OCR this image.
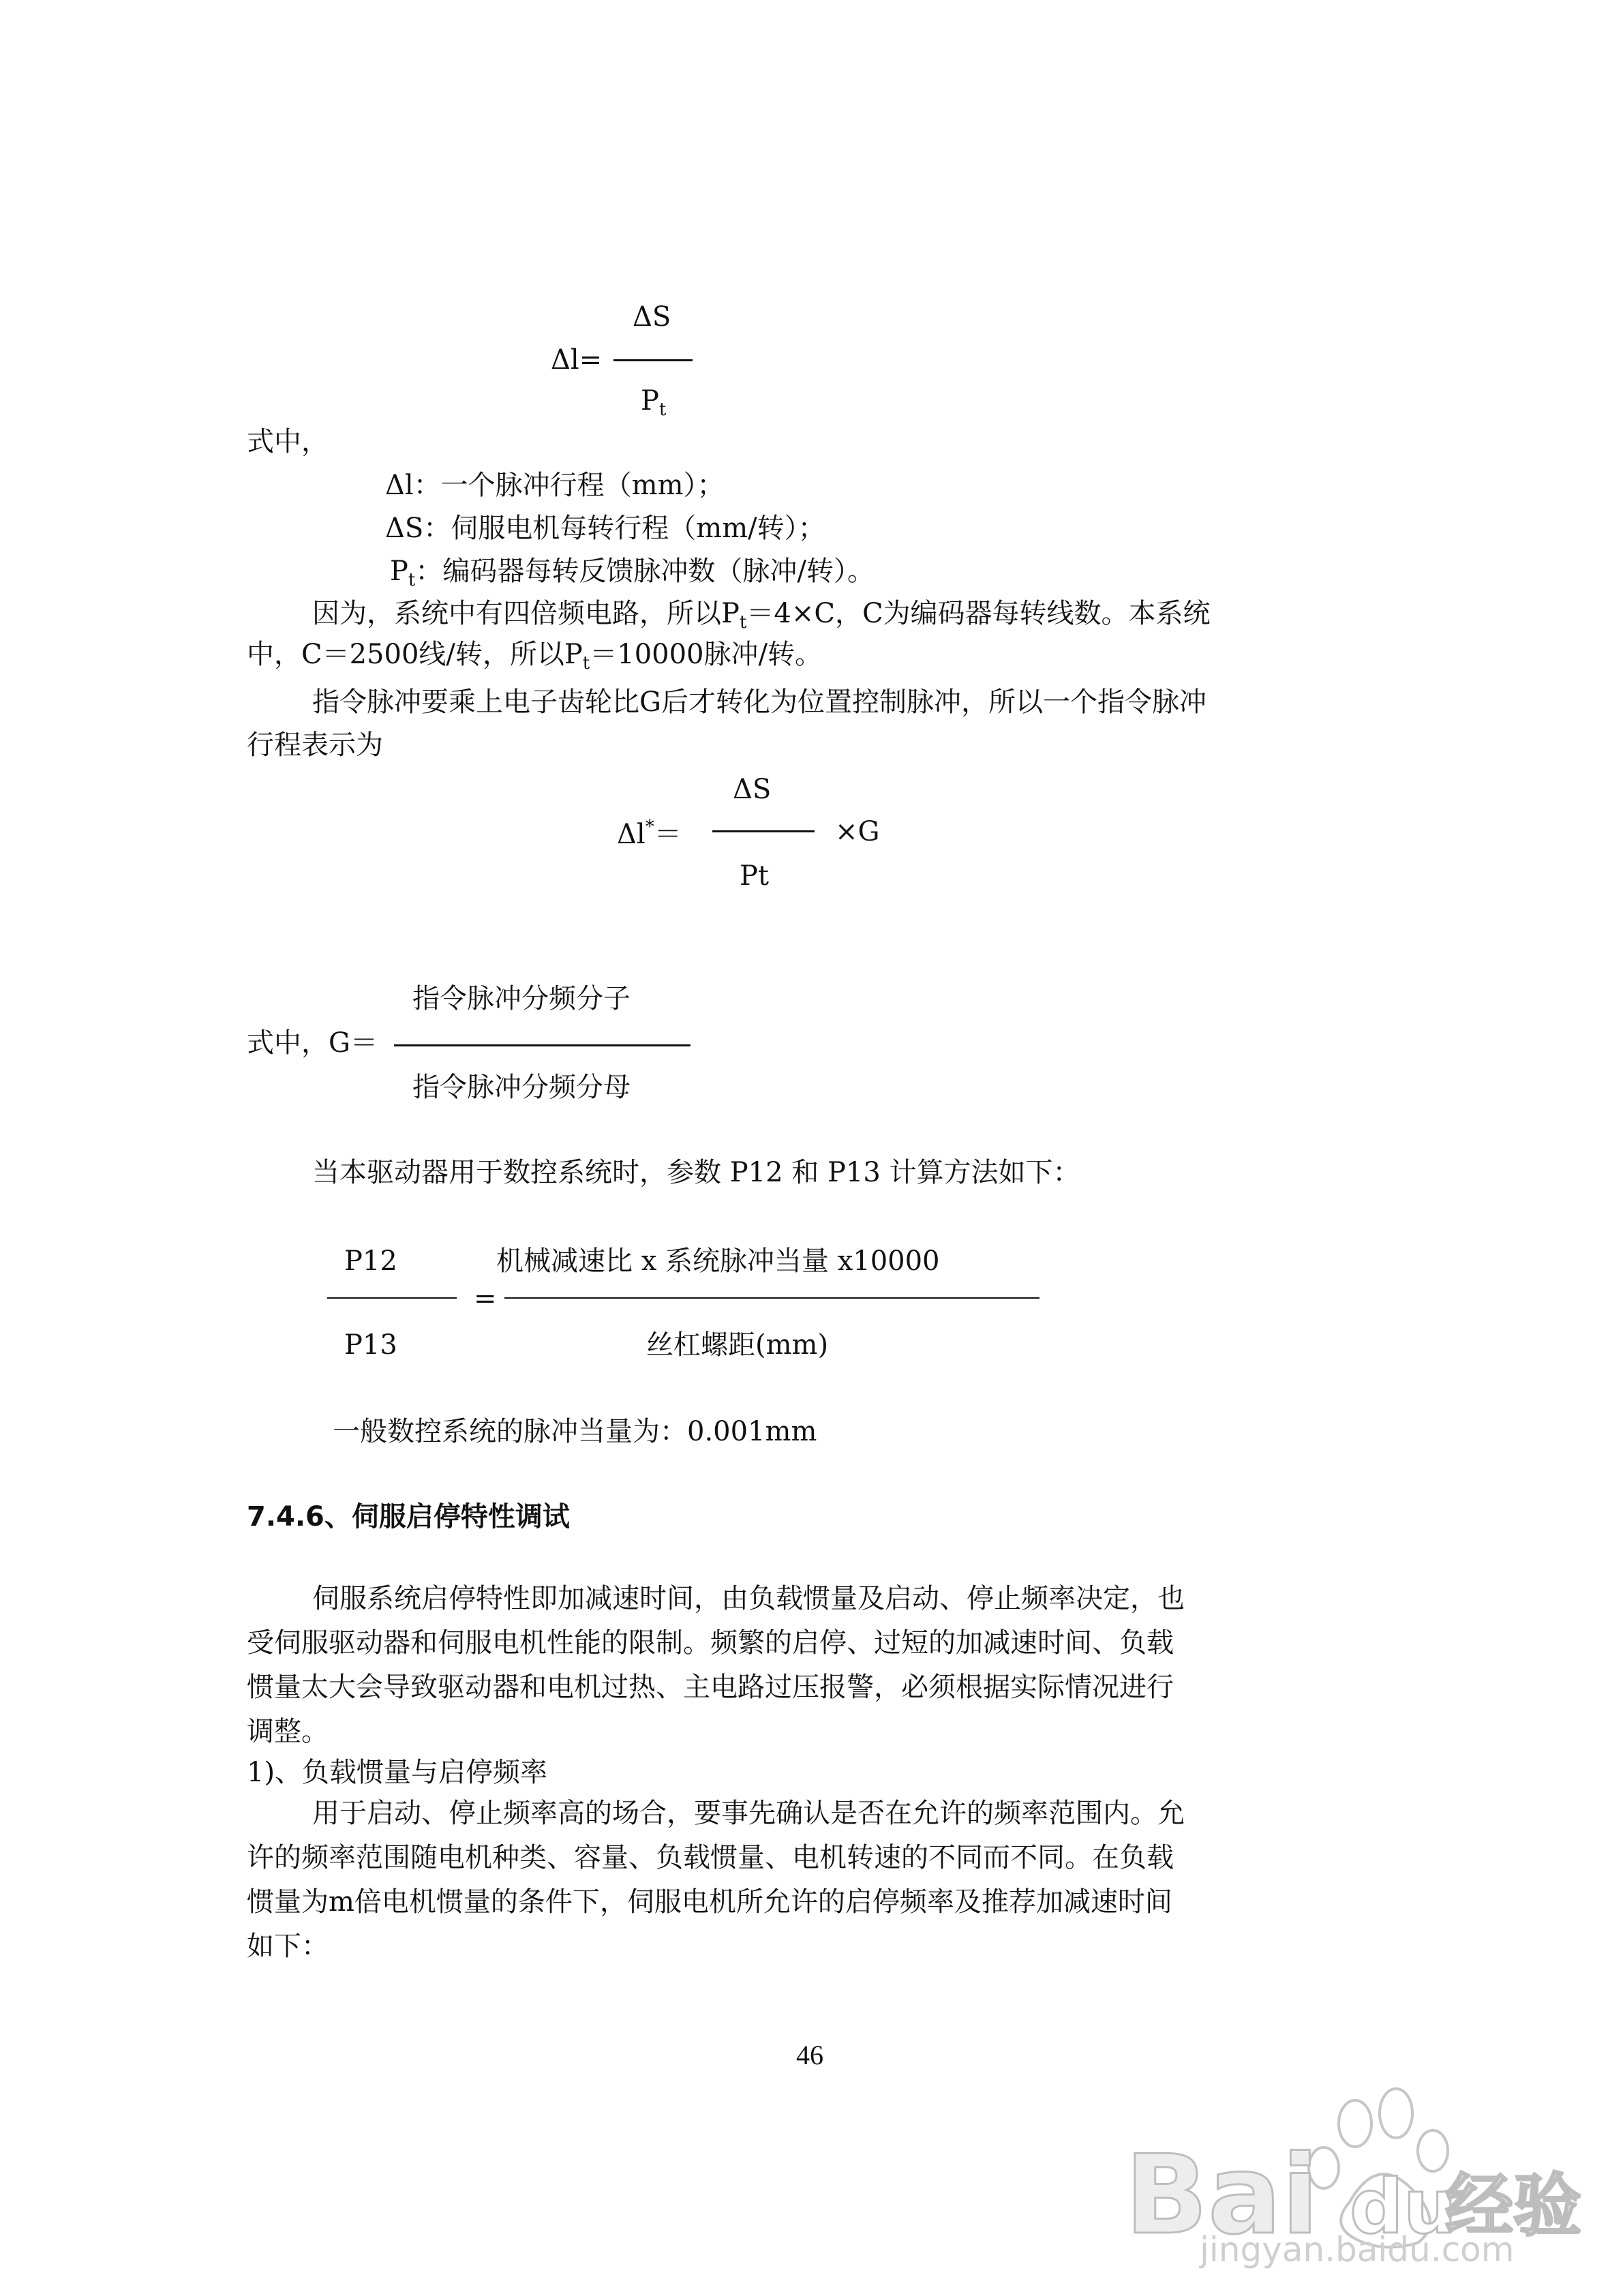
ΔS
Δl=
$P_t$
式中，
Δl：一个脉冲行程（mm）；
ΔS：伺服电机每转行程（mm/转）；
$P_t$：编码器每转反馈脉冲数（脉冲/转）。
因为，系统中有四倍频电路，所以$P_t=4\times C$，C为编码器每转线数。本系统
中，C＝2500线/转，所以$P_t=10000$脉冲/转。
指令脉冲要乘上电子齿轮比G后才转化为位置控制脉冲，所以一个指令脉冲
行程表示为
ΔS
Δl*＝	×G
Pt
指令脉冲分频分子
式中，G＝
指令脉冲分频分母
当本驱动器用于数控系统时，参数 P12 和 P13 计算方法如下：
P12	机械减速比 x 系统脉冲当量 x10000
=
P13	丝杠螺距(mm)
一般数控系统的脉冲当量为：0.001mm
7.4.6、伺服启停特性调试
伺服系统启停特性即加减速时间，由负载惯量及启动、停止频率决定，也
受伺服驱动器和伺服电机性能的限制。频繁的启停、过短的加减速时间、负载
惯量太大会导致驱动器和电机过热、主电路过压报警，必须根据实际情况进行
调整。
1)、负载惯量与启停频率
用于启动、停止频率高的场合，要事先确认是否在允许的频率范围内。允
许的频率范围随电机种类、容量、负载惯量、电机转速的不同而不同。在负载
惯量为m倍电机惯量的条件下，伺服电机所允许的启停频率及推荐加减速时间
如下：
46
Bai du
经验
jingyan.baidu.com
